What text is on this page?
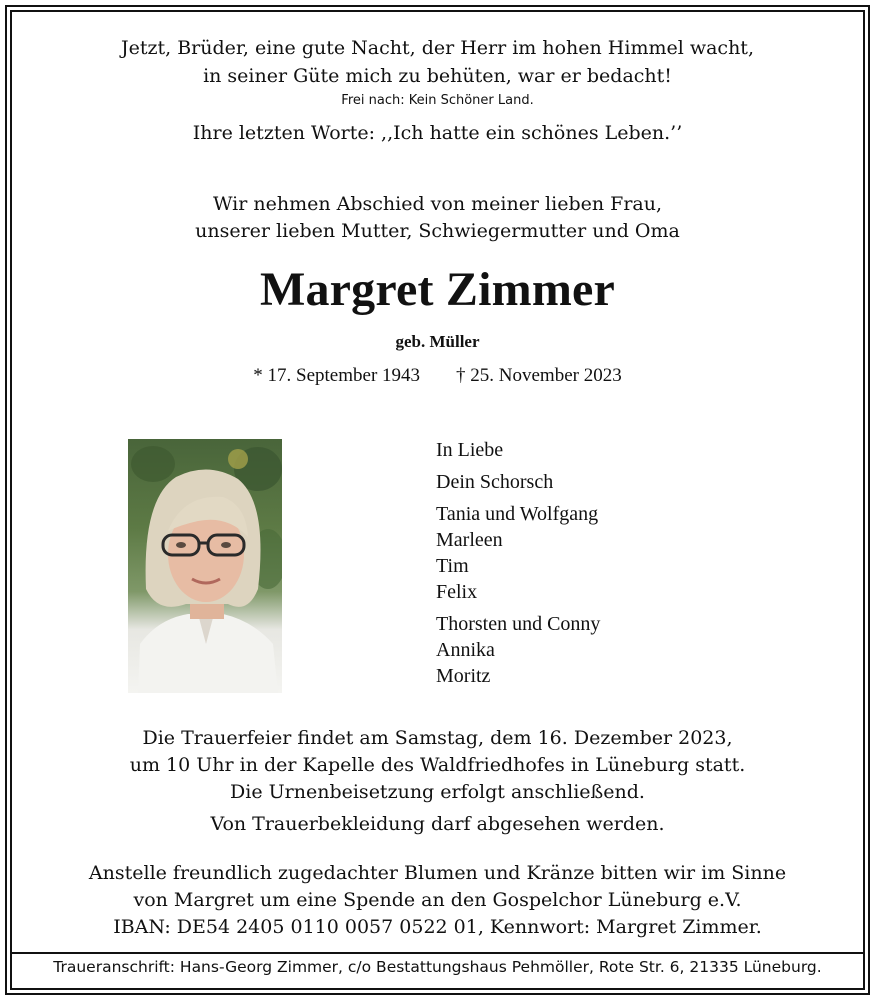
Jetzt, Brüder, eine gute Nacht, der Herr im hohen Himmel wacht,
in seiner Güte mich zu behüten, war er bedacht!
Frei nach: Kein Schöner Land.
Ihre letzten Worte: ,,Ich hatte ein schönes Leben.’’
Wir nehmen Abschied von meiner lieben Frau,
unserer lieben Mutter, Schwiegermutter und Oma
Margret Zimmer
geb. Müller
* 17. September 1943 † 25. November 2023
In Liebe
Dein Schorsch
Tania und Wolfgang
Marleen
Tim
Felix
Thorsten und Conny
Annika
Moritz
Die Trauerfeier findet am Samstag, dem 16. Dezember 2023,
um 10 Uhr in der Kapelle des Waldfriedhofes in Lüneburg statt.
Die Urnenbeisetzung erfolgt anschließend.
Von Trauerbekleidung darf abgesehen werden.
Anstelle freundlich zugedachter Blumen und Kränze bitten wir im Sinne
von Margret um eine Spende an den Gospelchor Lüneburg e.V.
IBAN: DE54 2405 0110 0057 0522 01, Kennwort: Margret Zimmer.
Traueranschrift: Hans-Georg Zimmer, c/o Bestattungshaus Pehmöller, Rote Str. 6, 21335 Lüneburg.
